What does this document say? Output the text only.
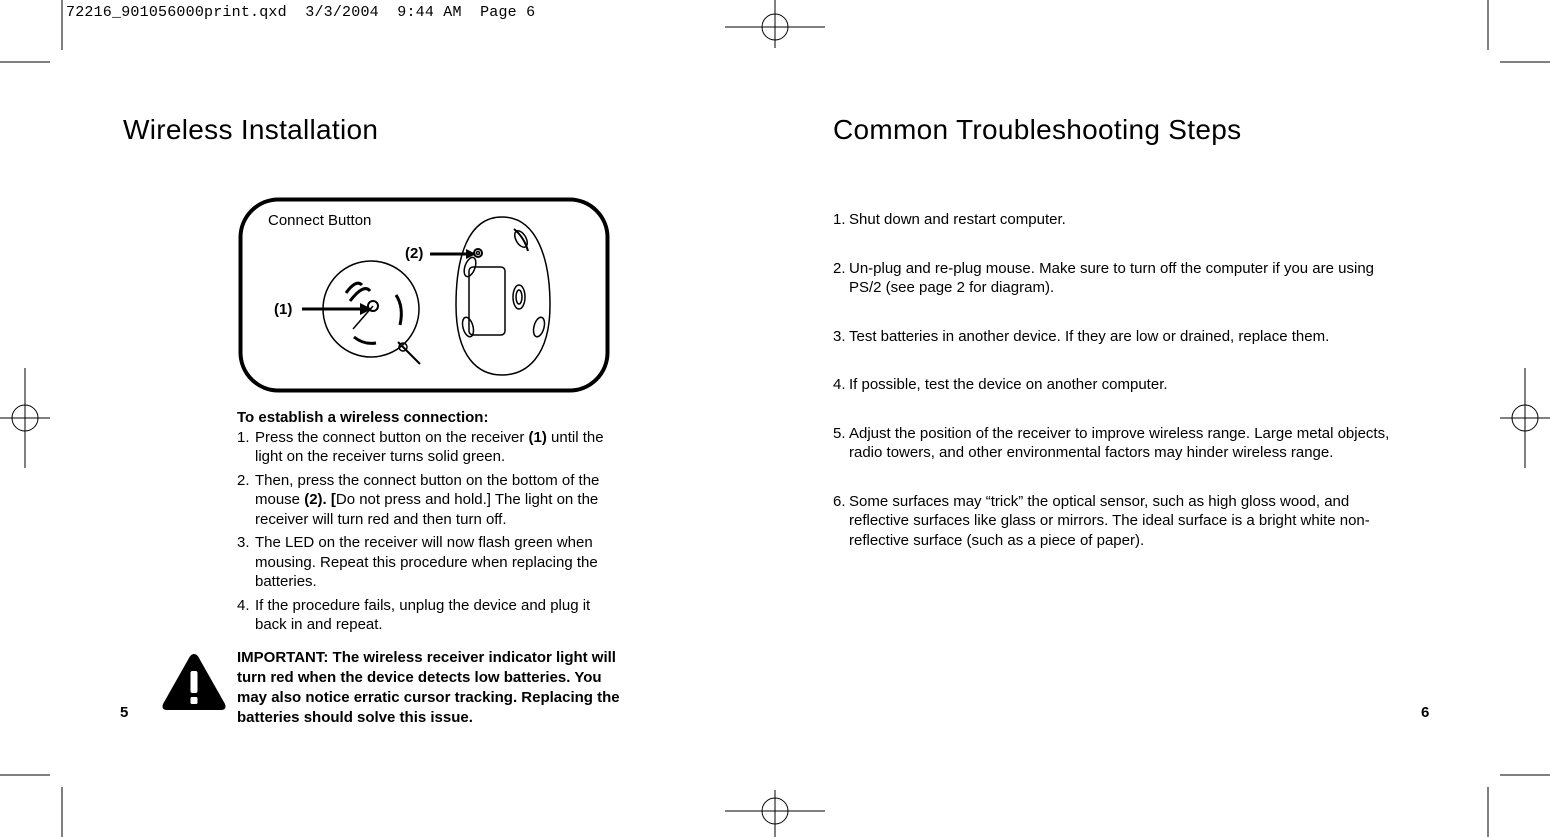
72216_901056000print.qxd  3/3/2004  9:44 AM  Page 6
Wireless Installation
Connect Button
(2)
(1)
To establish a wireless connection:
1. Press the connect button on the receiver (1) until the light on the receiver turns solid green.
2. Then, press the connect button on the bottom of the mouse (2). [Do not press and hold.] The light on the receiver will turn red and then turn off.
3. The LED on the receiver will now flash green when mousing. Repeat this procedure when replacing the batteries.
4. If the procedure fails, unplug the device and plug it back in and repeat.
IMPORTANT: The wireless receiver indicator light will turn red when the device detects low batteries. You may also notice erratic cursor tracking. Replacing the batteries should solve this issue.
5
Common Troubleshooting Steps
1. Shut down and restart computer.
2. Un-plug and re-plug mouse. Make sure to turn off the computer if you are using PS/2 (see page 2 for diagram).
3. Test batteries in another device. If they are low or drained, replace them.
4. If possible, test the device on another computer.
5. Adjust the position of the receiver to improve wireless range. Large metal objects, radio towers, and other environmental factors may hinder wireless range.
6. Some surfaces may “trick” the optical sensor, such as high gloss wood, and reflective surfaces like glass or mirrors. The ideal surface is a bright white non-reflective surface (such as a piece of paper).
6
